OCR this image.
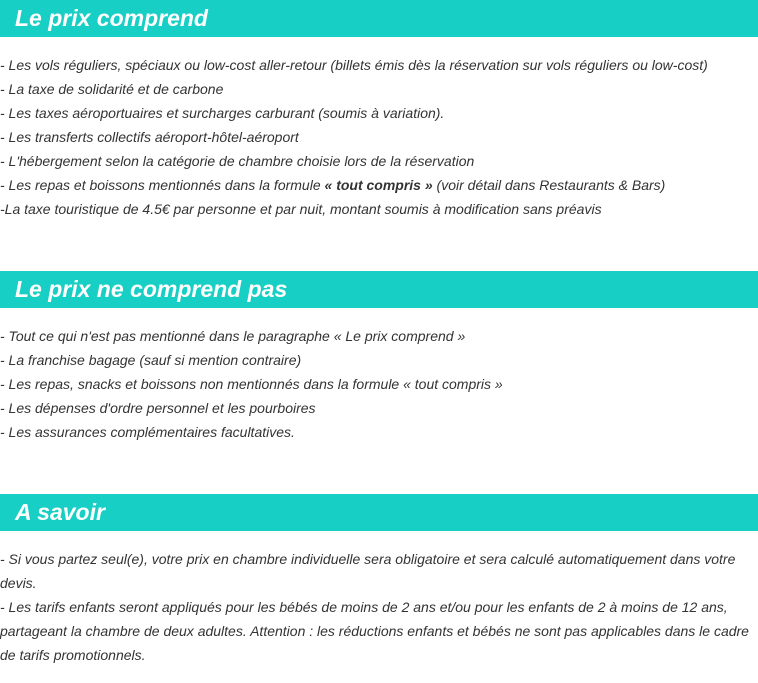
Le prix comprend
- Les vols réguliers, spéciaux ou low-cost aller-retour (billets émis dès la réservation sur vols réguliers ou low-cost)
- La taxe de solidarité et de carbone
- Les taxes aéroportuaires et surcharges carburant (soumis à variation).
- Les transferts collectifs aéroport-hôtel-aéroport
- L'hébergement selon la catégorie de chambre choisie lors de la réservation
- Les repas et boissons mentionnés dans la formule « tout compris » (voir détail dans Restaurants & Bars)
-La taxe touristique de 4.5€ par personne et par nuit, montant soumis à modification sans préavis
Le prix ne comprend pas
- Tout ce qui n'est pas mentionné dans le paragraphe « Le prix comprend »
- La franchise bagage (sauf si mention contraire)
- Les repas, snacks et boissons non mentionnés dans la formule « tout compris »
- Les dépenses d'ordre personnel et les pourboires
- Les assurances complémentaires facultatives.
A savoir
- Si vous partez seul(e), votre prix en chambre individuelle sera obligatoire et sera calculé automatiquement dans votre devis.
- Les tarifs enfants seront appliqués pour les bébés de moins de 2 ans et/ou pour les enfants de 2 à moins de 12 ans, partageant la chambre de deux adultes. Attention : les réductions enfants et bébés ne sont pas applicables dans le cadre de tarifs promotionnels.
